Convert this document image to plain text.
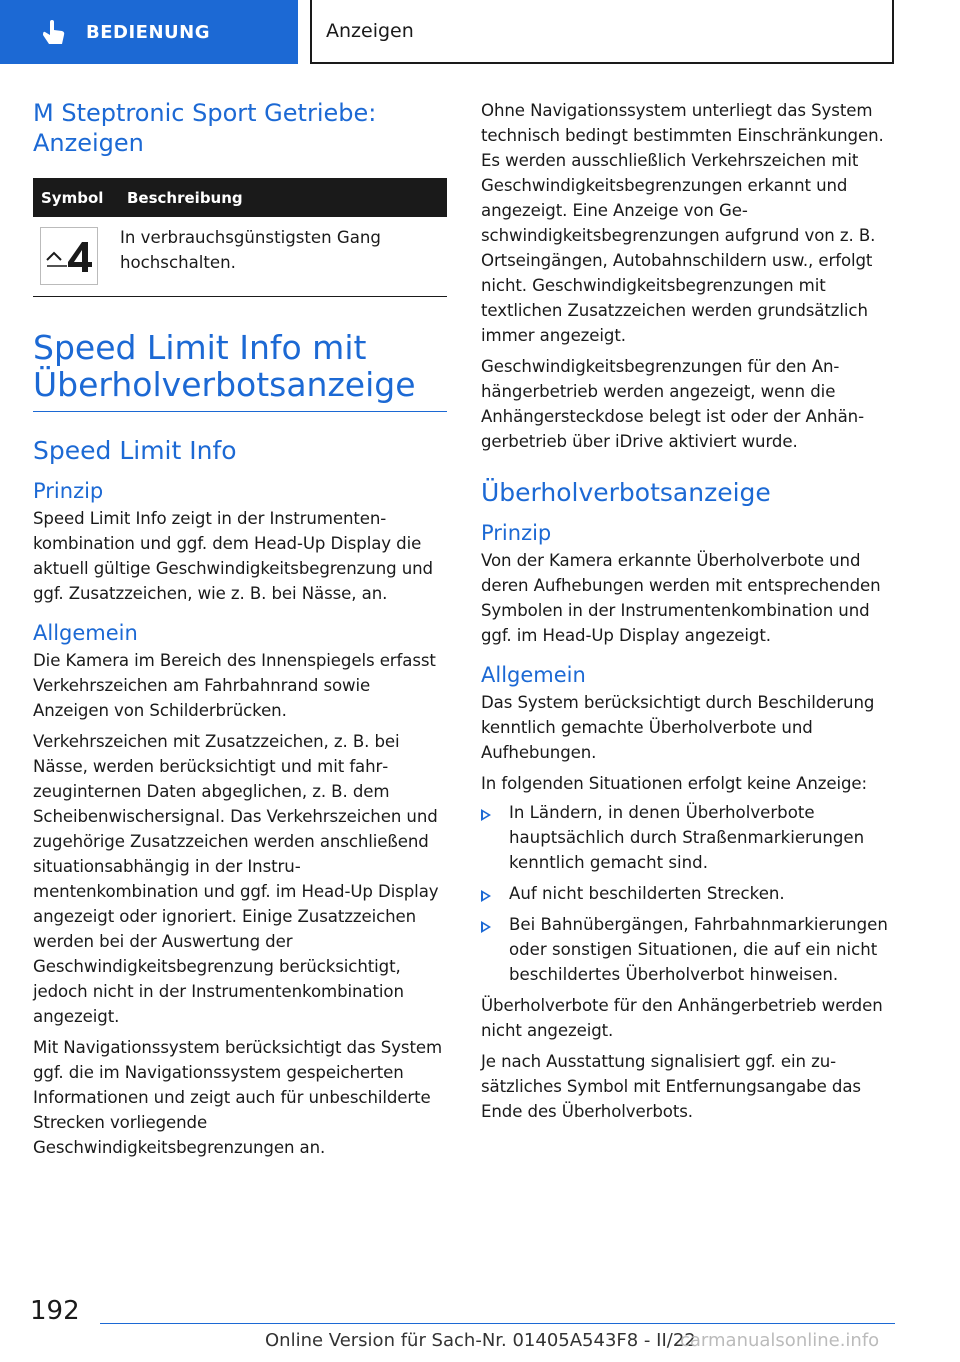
BEDIENUNG	Anzeigen
M Steptronic Sport Getriebe: Anzeigen
Symbol	Beschreibung

	In verbrauchsgünstigsten Gang hochschalten.
Speed Limit Info mit Überholverbotsanzeige
Speed Limit Info
Prinzip

Speed Limit Info zeigt in der Instrumentenkombination und ggf. dem Head-Up Display die aktuell gültige Geschwindigkeitsbegrenzung und ggf. Zusatzzeichen, wie z. B. bei Nässe, an.

Allgemein

Die Kamera im Bereich des Innenspiegels erfasst Verkehrszeichen am Fahrbahnrand sowie Anzeigen von Schilderbrücken.

Verkehrszeichen mit Zusatzzeichen, z. B. bei Nässe, werden berücksichtigt und mit fahrzeuginternen Daten abgeglichen, z. B. dem Scheibenwischersignal. Das Verkehrszeichen und zugehörige Zusatzzeichen werden anschließend situationsabhängig in der Instrumentenkombination und ggf. im Head-Up Display angezeigt oder ignoriert. Einige Zusatzzeichen werden bei der Auswertung der Geschwindigkeitsbegrenzung berücksichtigt, jedoch nicht in der Instrumentenkombination angezeigt.

Mit Navigationssystem berücksichtigt das System ggf. die im Navigationssystem gespeicherten Informationen und zeigt auch für unbeschilderte Strecken vorliegende Geschwindigkeitsbegrenzungen an.

Ohne Navigationssystem unterliegt das System technisch bedingt bestimmten Einschränkungen. Es werden ausschließlich Verkehrszeichen mit Geschwindigkeitsbegrenzungen erkannt und angezeigt. Eine Anzeige von Geschwindigkeitsbegrenzungen aufgrund von z. B. Ortseingängen, Autobahnschildern usw., erfolgt nicht. Geschwindigkeitsbegrenzungen mit textlichen Zusatzzeichen werden grundsätzlich immer angezeigt.

Geschwindigkeitsbegrenzungen für den Anhängerbetrieb werden angezeigt, wenn die Anhängersteckdose belegt ist oder der Anhängerbetrieb über iDrive aktiviert wurde.

Überholverbotsanzeige
Prinzip

Von der Kamera erkannte Überholverbote und deren Aufhebungen werden mit entsprechenden Symbolen in der Instrumentenkombination und ggf. im Head-Up Display angezeigt.

Allgemein

Das System berücksichtigt durch Beschilderung kenntlich gemachte Überholverbote und Aufhebungen.

In folgenden Situationen erfolgt keine Anzeige:

In Ländern, in denen Überholverbote hauptsächlich durch Straßenmarkierungen kenntlich gemacht sind.
Auf nicht beschilderten Strecken.
Bei Bahnübergängen, Fahrbahnmarkierungen oder sonstigen Situationen, die auf ein nicht beschildertes Überholverbot hinweisen.

Überholverbote für den Anhängerbetrieb werden nicht angezeigt.

Je nach Ausstattung signalisiert ggf. ein zusätzliches Symbol mit Entfernungsangabe das Ende des Überholverbots.

192
Online Version für Sach-Nr. 01405A543F8 - II/22
carmanualsonline.info
